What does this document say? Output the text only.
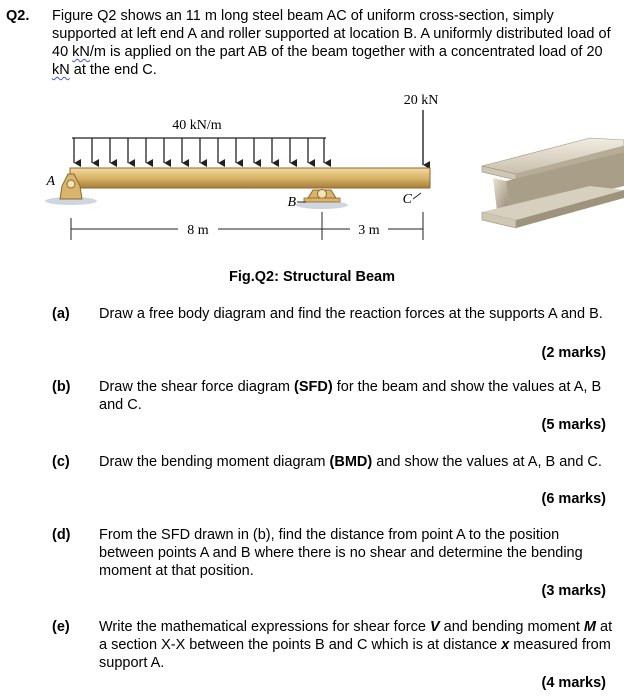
Q2. Figure Q2 shows an 11 m long steel beam AC of uniform cross-section, simply supported at left end A and roller supported at location B. A uniformly distributed load of 40 kN/m is applied on the part AB of the beam together with a concentrated load of 20 kN at the end C.
40 kN/m
20 kN
A
B	C
8 m	3 m
Fig.Q2: Structural Beam
(a) Draw a free body diagram and find the reaction forces at the supports A and B.
(2 marks)
(b) Draw the shear force diagram (SFD) for the beam and show the values at A, B and C.
(5 marks)
(c) Draw the bending moment diagram (BMD) and show the values at A, B and C.
(6 marks)
(d) From the SFD drawn in (b), find the distance from point A to the position between points A and B where there is no shear and determine the bending moment at that position.
(3 marks)
(e) Write the mathematical expressions for shear force V and bending moment M at a section X-X between the points B and C which is at distance x measured from support A.
(4 marks)
